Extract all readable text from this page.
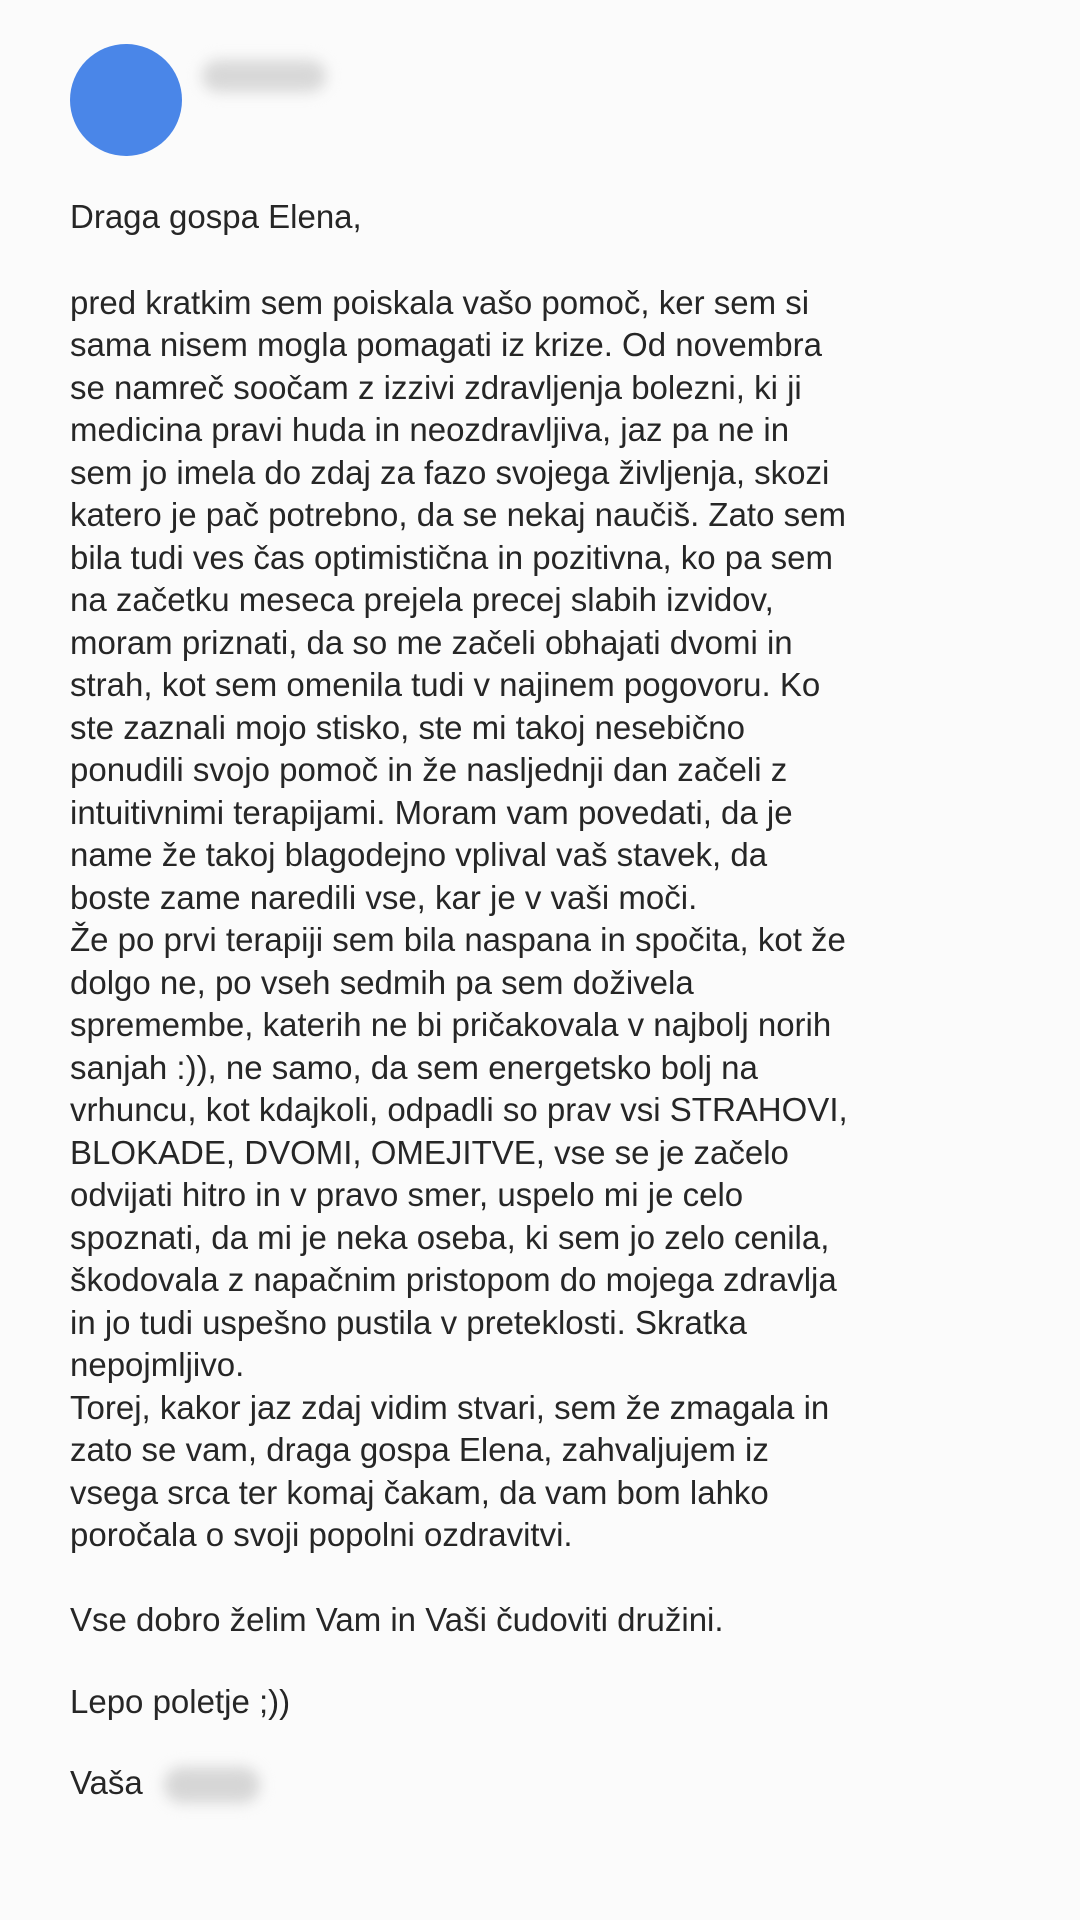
Draga gospa Elena,

pred kratkim sem poiskala vašo pomoč, ker sem si
sama nisem mogla pomagati iz krize. Od novembra
se namreč soočam z izzivi zdravljenja bolezni, ki ji
medicina pravi huda in neozdravljiva, jaz pa ne in
sem jo imela do zdaj za fazo svojega življenja, skozi
katero je pač potrebno, da se nekaj naučiš. Zato sem
bila tudi ves čas optimistična in pozitivna, ko pa sem
na začetku meseca prejela precej slabih izvidov,
moram priznati, da so me začeli obhajati dvomi in
strah, kot sem omenila tudi v najinem pogovoru. Ko
ste zaznali mojo stisko, ste mi takoj nesebično
ponudili svojo pomoč in že nasljednji dan začeli z
intuitivnimi terapijami. Moram vam povedati, da je
name že takoj blagodejno vplival vaš stavek, da
boste zame naredili vse, kar je v vaši moči.
Že po prvi terapiji sem bila naspana in spočita, kot že
dolgo ne, po vseh sedmih pa sem doživela
spremembe, katerih ne bi pričakovala v najbolj norih
sanjah :)), ne samo, da sem energetsko bolj na
vrhuncu, kot kdajkoli, odpadli so prav vsi STRAHOVI,
BLOKADE, DVOMI, OMEJITVE, vse se je začelo
odvijati hitro in v pravo smer, uspelo mi je celo
spoznati, da mi je neka oseba, ki sem jo zelo cenila,
škodovala z napačnim pristopom do mojega zdravlja
in jo tudi uspešno pustila v preteklosti. Skratka
nepojmljivo.
Torej, kakor jaz zdaj vidim stvari, sem že zmagala in
zato se vam, draga gospa Elena, zahvaljujem iz
vsega srca ter komaj čakam, da vam bom lahko
poročala o svoji popolni ozdravitvi.

Vse dobro želim Vam in Vaši čudoviti družini.

Lepo poletje ;))

Vaša
